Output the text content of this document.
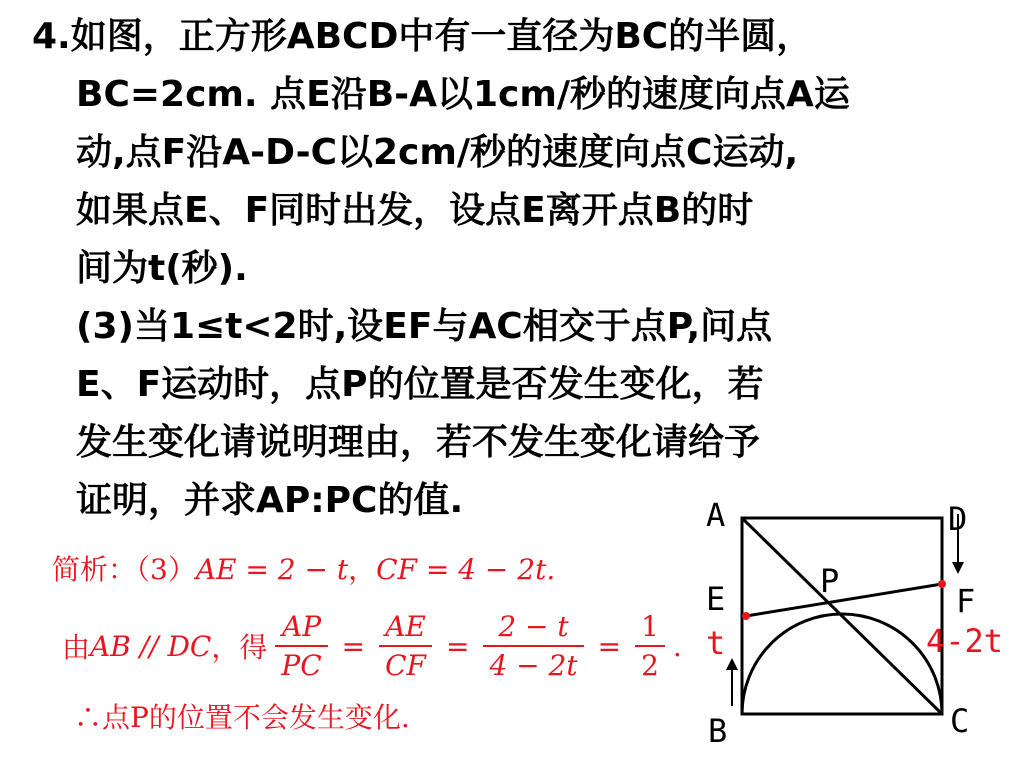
4.如图，正方形ABCD中有一直径为BC的半圆，
BC=2cm. 点E沿B-A以1cm/秒的速度向点A运
动,点F沿A-D-C以2cm/秒的速度向点C运动,
如果点E、F同时出发，设点E离开点B的时
间为t(秒).
(3)当1≤t<2时,设EF与AC相交于点P,问点
E、F运动时，点P的位置是否发生变化，若
发生变化请说明理由，若不发生变化请给予
证明，并求AP:PC的值.
简析：（3）AE = 2 − t，CF = 4 − 2t.
由 AB // DC ，得 $\frac{AP}{PC} = \frac{AE}{CF} = \frac{2 - t}{4 - 2t} = \frac{1}{2}$ .
∴点P的位置不会发生变化.
A	D
E	F
P
B	C
t	4-2t
